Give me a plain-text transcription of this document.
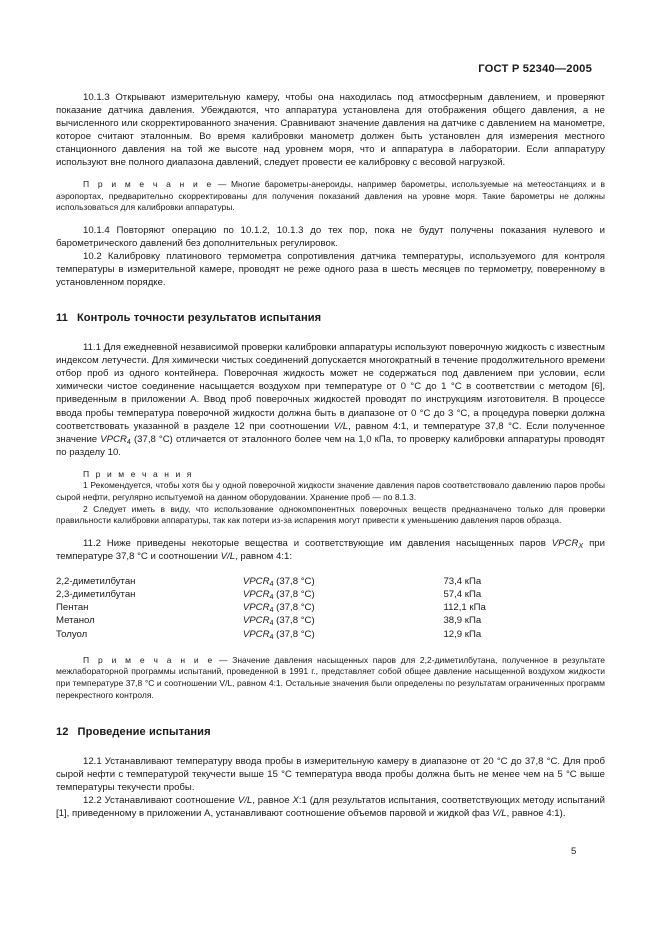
ГОСТ Р 52340—2005

10.1.3 Открывают измерительную камеру, чтобы она находилась под атмосферным давлением, и проверяют показание датчика давления. Убеждаются, что аппаратура установлена для отображения общего давления, а не вычисленного или скорректированного значения. Сравнивают значение давления на датчике с давлением на манометре, которое считают эталонным. Во время калибровки манометр должен быть установлен для измерения местного станционного давления на той же высоте над уровнем моря, что и аппаратура в лаборатории. Если аппаратуру используют вне полного диапазона давлений, следует провести ее калибровку с весовой нагрузкой.

П р и м е ч а н и е — Многие барометры-анероиды, например барометры, используемые на метеостанциях и в аэропортах, предварительно скорректированы для получения показаний давления на уровне моря. Такие барометры не должны использоваться для калибровки аппаратуры.

10.1.4 Повторяют операцию по 10.1.2, 10.1.3 до тех пор, пока не будут получены показания нулевого и барометрического давлений без дополнительных регулировок.

10.2 Калибровку платинового термометра сопротивления датчика температуры, используемого для контроля температуры в измерительной камере, проводят не реже одного раза в шесть месяцев по термометру, поверенному в установленном порядке.

11 Контроль точности результатов испытания

11.1 Для ежедневной независимой проверки калибровки аппаратуры используют поверочную жидкость с известным индексом летучести. Для химически чистых соединений допускается многократный в течение продолжительного времени отбор проб из одного контейнера. Поверочная жидкость может не содержаться под давлением при условии, если химически чистое соединение насыщается воздухом при температуре от 0 °С до 1 °С в соответствии с методом [6], приведенным в приложении А. Ввод проб поверочных жидкостей проводят по инструкциям изготовителя. В процессе ввода пробы температура поверочной жидкости должна быть в диапазоне от 0 °С до 3 °С, а процедура поверки должна соответствовать указанной в разделе 12 при соотношении V/L, равном 4:1, и температуре 37,8 °С. Если полученное значение $VPCR_4$ (37,8 °С) отличается от эталонного более чем на 1,0 кПа, то проверку калибровки аппаратуры проводят по разделу 10.

П р и м е ч а н и я

1 Рекомендуется, чтобы хотя бы у одной поверочной жидкости значение давления паров соответствовало давлению паров пробы сырой нефти, регулярно испытуемой на данном оборудовании. Хранение проб — по 8.1.3.

2 Следует иметь в виду, что использование однокомпонентных поверочных веществ предназначено только для проверки правильности калибровки аппаратуры, так как потери из-за испарения могут привести к уменьшению давления паров образца.

11.2 Ниже приведены некоторые вещества и соответствующие им давления насыщенных паров $VPCR_X$ при температуре 37,8 °С и соотношении V/L, равном 4:1:

2,2-диметилбутан	$VPCR_4$ (37,8 °С)	73,4 кПа
2,3-диметилбутан	$VPCR_4$ (37,8 °С)	57,4 кПа
Пентан	$VPCR_4$ (37,8 °С)	112,1 кПа
Метанол	$VPCR_4$ (37,8 °С)	38,9 кПа
Толуол	$VPCR_4$ (37,8 °С)	12,9 кПа

П р и м е ч а н и е — Значение давления насыщенных паров для 2,2-диметилбутана, полученное в результате межлабораторной программы испытаний, проведенной в 1991 г., представляет собой общее давление насыщенной воздухом жидкости при температуре 37,8 °С и соотношении V/L, равном 4:1. Остальные значения были определены по результатам ограниченных программ перекрестного контроля.

12 Проведение испытания

12.1 Устанавливают температуру ввода пробы в измерительную камеру в диапазоне от 20 °С до 37,8 °С. Для проб сырой нефти с температурой текучести выше 15 °С температура ввода пробы должна быть не менее чем на 5 °С выше температуры текучести пробы.

12.2 Устанавливают соотношение V/L, равное X:1 (для результатов испытания, соответствующих методу испытаний [1], приведенному в приложении А, устанавливают соотношение объемов паровой и жидкой фаз V/L, равное 4:1).

5
